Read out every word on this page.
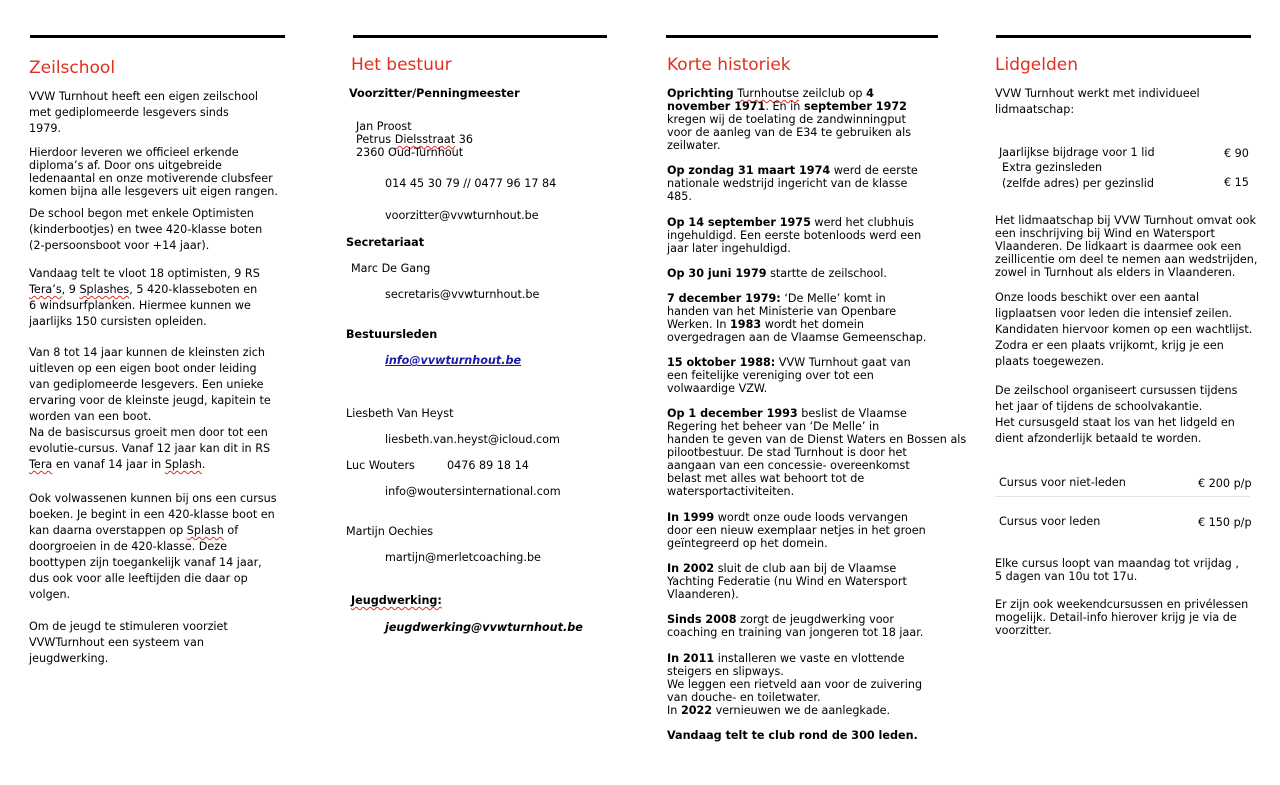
Zeilschool
VVW Turnhout heeft een eigen zeilschool
met gediplomeerde lesgevers sinds
1979.
Hierdoor leveren we officieel erkende
diploma’s af. Door ons uitgebreide
ledenaantal en onze motiverende clubsfeer
komen bijna alle lesgevers uit eigen rangen.
De school begon met enkele Optimisten
(kinderbootjes) en twee 420-klasse boten
(2-persoonsboot voor +14 jaar).
Vandaag telt te vloot 18 optimisten, 9 RS
Tera’s, 9 Splashes, 5 420-klasseboten en
6 windsurfplanken. Hiermee kunnen we
jaarlijks 150 cursisten opleiden.
Van 8 tot 14 jaar kunnen de kleinsten zich
uitleven op een eigen boot onder leiding
van gediplomeerde lesgevers. Een unieke
ervaring voor de kleinste jeugd, kapitein te
worden van een boot.
Na de basiscursus groeit men door tot een
evolutie-cursus. Vanaf 12 jaar kan dit in RS
Tera en vanaf 14 jaar in Splash.
Ook volwassenen kunnen bij ons een cursus
boeken. Je begint in een 420-klasse boot en
kan daarna overstappen op Splash of
doorgroeien in de 420-klasse. Deze
boottypen zijn toegankelijk vanaf 14 jaar,
dus ook voor alle leeftijden die daar op
volgen.
Om de jeugd te stimuleren voorziet
VVWTurnhout een systeem van
jeugdwerking.
Het bestuur
Voorzitter/Penningmeester
Jan Proost
Petrus Dielsstraat 36
2360 Oud-Turnhout
014 45 30 79 // 0477 96 17 84
voorzitter@vvwturnhout.be
Secretariaat
Marc De Gang
secretaris@vvwturnhout.be
Bestuursleden
info@vvwturnhout.be
Liesbeth Van Heyst
liesbeth.van.heyst@icloud.com
Luc Wouters	0476 89 18 14
info@woutersinternational.com
Martijn Oechies
martijn@merletcoaching.be
Jeugdwerking:
jeugdwerking@vvwturnhout.be
Korte historiek
Oprichting Turnhoutse zeilclub op 4
november 1971. En in september 1972
kregen wij de toelating de zandwinningput
voor de aanleg van de E34 te gebruiken als
zeilwater.
Op zondag 31 maart 1974 werd de eerste
nationale wedstrijd ingericht van de klasse
485.
Op 14 september 1975 werd het clubhuis
ingehuldigd. Een eerste botenloods werd een
jaar later ingehuldigd.
Op 30 juni 1979 startte de zeilschool.
7 december 1979: ‘De Melle’ komt in
handen van het Ministerie van Openbare
Werken. In 1983 wordt het domein
overgedragen aan de Vlaamse Gemeenschap.
15 oktober 1988: VVW Turnhout gaat van
een feitelijke vereniging over tot een
volwaardige VZW.
Op 1 december 1993 beslist de Vlaamse
Regering het beheer van ‘De Melle’ in
handen te geven van de Dienst Waters en Bossen als
pilootbestuur. De stad Turnhout is door het
aangaan van een concessie- overeenkomst
belast met alles wat behoort tot de
watersportactiviteiten.
In 1999 wordt onze oude loods vervangen
door een nieuw exemplaar netjes in het groen
geïntegreerd op het domein.
In 2002 sluit de club aan bij de Vlaamse
Yachting Federatie (nu Wind en Watersport
Vlaanderen).
Sinds 2008 zorgt de jeugdwerking voor
coaching en training van jongeren tot 18 jaar.
In 2011 installeren we vaste en vlottende
steigers en slipways.
We leggen een rietveld aan voor de zuivering
van douche- en toiletwater.
In 2022 vernieuwen we de aanlegkade.
Vandaag telt te club rond de 300 leden.
Lidgelden
VVW Turnhout werkt met individueel
lidmaatschap:
Jaarlijkse bijdrage voor 1 lid	€ 90
Extra gezinsleden
(zelfde adres) per gezinslid	€ 15
Het lidmaatschap bij VVW Turnhout omvat ook
een inschrijving bij Wind en Watersport
Vlaanderen. De lidkaart is daarmee ook een
zeillicentie om deel te nemen aan wedstrijden,
zowel in Turnhout als elders in Vlaanderen.
Onze loods beschikt over een aantal
ligplaatsen voor leden die intensief zeilen.
Kandidaten hiervoor komen op een wachtlijst.
Zodra er een plaats vrijkomt, krijg je een
plaats toegewezen.
De zeilschool organiseert cursussen tijdens
het jaar of tijdens de schoolvakantie.
Het cursusgeld staat los van het lidgeld en
dient afzonderlijk betaald te worden.
Cursus voor niet-leden	€ 200 p/p
Cursus voor leden	€ 150 p/p
Elke cursus loopt van maandag tot vrijdag ,
5 dagen van 10u tot 17u.
Er zijn ook weekendcursussen en privélessen
mogelijk. Detail-info hierover krijg je via de
voorzitter.
